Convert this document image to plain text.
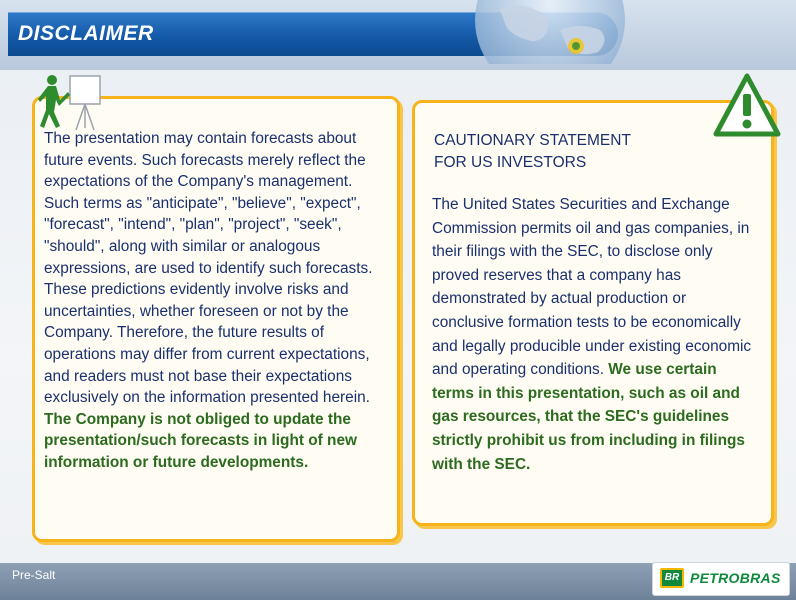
DISCLAIMER

The presentation may contain forecasts about future events. Such forecasts merely reflect the expectations of the Company's management. Such terms as "anticipate", "believe", "expect", "forecast", "intend", "plan", "project", "seek", "should", along with similar or analogous expressions, are used to identify such forecasts. These predictions evidently involve risks and uncertainties, whether foreseen or not by the Company. Therefore, the future results of operations may differ from current expectations, and readers must not base their expectations exclusively on the information presented herein. The Company is not obliged to update the presentation/such forecasts in light of new information or future developments.

CAUTIONARY STATEMENT
FOR US INVESTORS

The United States Securities and Exchange Commission permits oil and gas companies, in their filings with the SEC, to disclose only proved reserves that a company has demonstrated by actual production or conclusive formation tests to be economically and legally producible under existing economic and operating conditions. We use certain terms in this presentation, such as oil and gas resources, that the SEC's guidelines strictly prohibit us from including in filings with the SEC.

Pre-Salt	BR PETROBRAS
